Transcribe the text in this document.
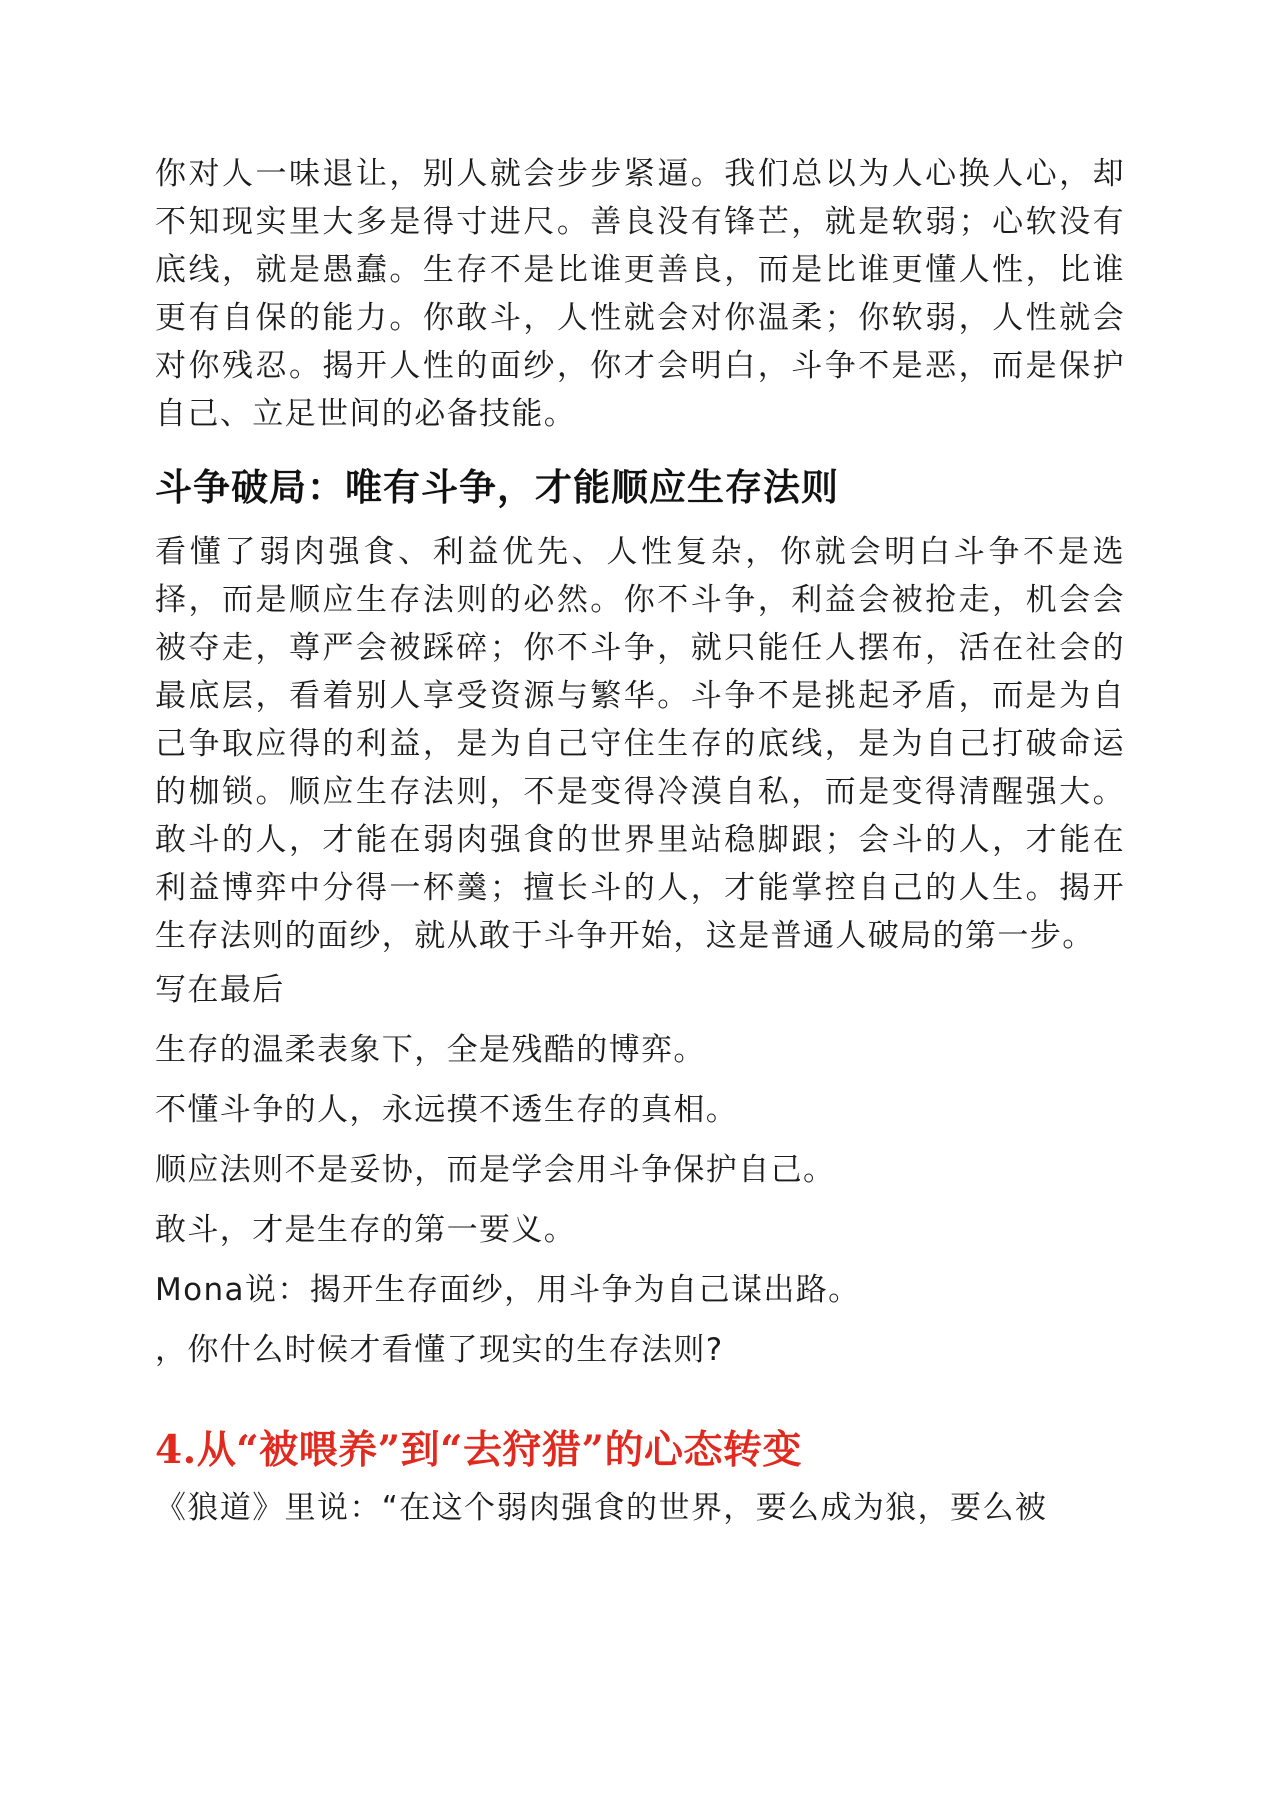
你对人一味退让，别人就会步步紧逼。我们总以为人心换人心，却不知现实里大多是得寸进尺。善良没有锋芒，就是软弱；心软没有底线，就是愚蠢。生存不是比谁更善良，而是比谁更懂人性，比谁更有自保的能力。你敢斗，人性就会对你温柔；你软弱，人性就会对你残忍。揭开人性的面纱，你才会明白，斗争不是恶，而是保护自己、立足世间的必备技能。

斗争破局：唯有斗争，才能顺应生存法则

看懂了弱肉强食、利益优先、人性复杂，你就会明白斗争不是选择，而是顺应生存法则的必然。你不斗争，利益会被抢走，机会会被夺走，尊严会被踩碎；你不斗争，就只能任人摆布，活在社会的最底层，看着别人享受资源与繁华。斗争不是挑起矛盾，而是为自己争取应得的利益，是为自己守住生存的底线，是为自己打破命运的枷锁。顺应生存法则，不是变得冷漠自私，而是变得清醒强大。敢斗的人，才能在弱肉强食的世界里站稳脚跟；会斗的人，才能在利益博弈中分得一杯羹；擅长斗的人，才能掌控自己的人生。揭开生存法则的面纱，就从敢于斗争开始，这是普通人破局的第一步。

写在最后
生存的温柔表象下，全是残酷的博弈。
不懂斗争的人，永远摸不透生存的真相。
顺应法则不是妥协，而是学会用斗争保护自己。
敢斗，才是生存的第一要义。
Mona说：揭开生存面纱，用斗争为自己谋出路。
，你什么时候才看懂了现实的生存法则?
4.从“被喂养”到“去狩猎”的心态转变

《狼道》里说：“在这个弱肉强食的世界，要么成为狼，要么被
